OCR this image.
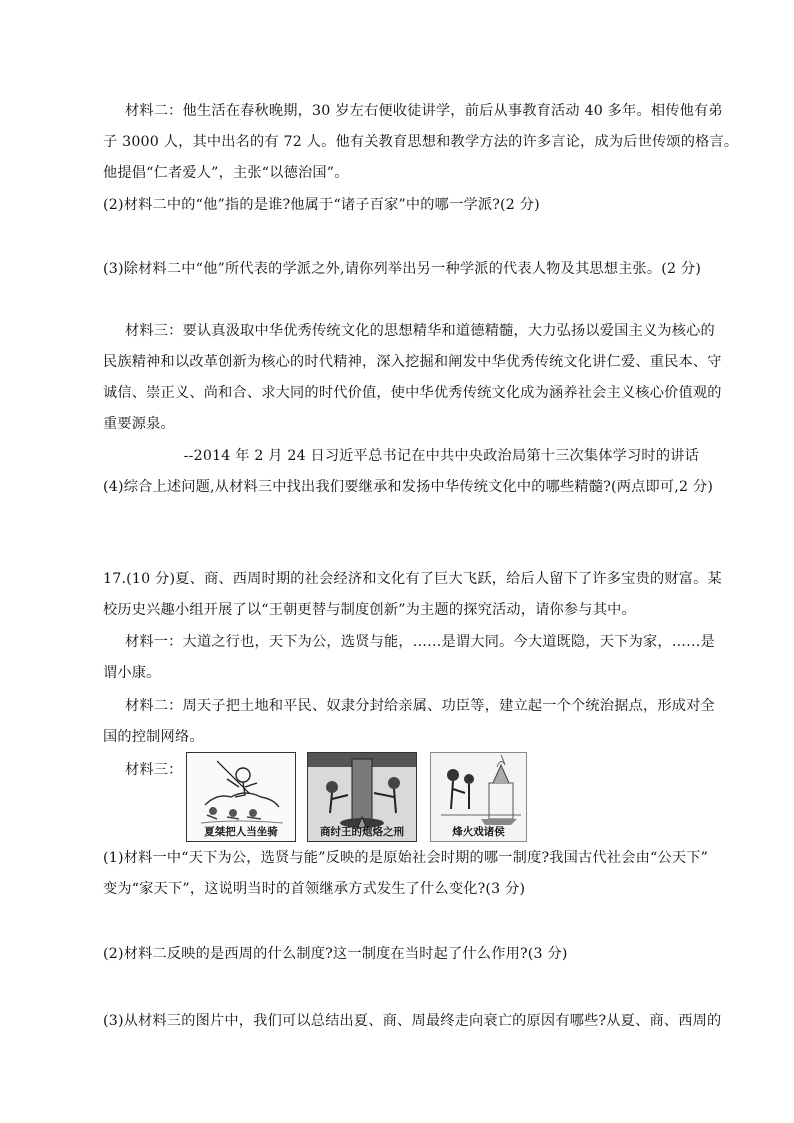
材料二：他生活在春秋晚期，30 岁左右便收徒讲学，前后从事教育活动 40 多年。相传他有弟
子 3000 人，其中出名的有 72 人。他有关教育思想和教学方法的许多言论，成为后世传颂的格言。
他提倡“仁者爱人”，主张“以德治国”。
(2)材料二中的“他”指的是谁?他属于“诸子百家”中的哪一学派?(2 分)
(3)除材料二中“他”所代表的学派之外,请你列举出另一种学派的代表人物及其思想主张。(2 分)
材料三：要认真汲取中华优秀传统文化的思想精华和道德精髓，大力弘扬以爱国主义为核心的
民族精神和以改革创新为核心的时代精神，深入挖掘和阐发中华优秀传统文化讲仁爱、重民本、守
诚信、崇正义、尚和合、求大同的时代价值，使中华优秀传统文化成为涵养社会主义核心价值观的
重要源泉。
--2014 年 2 月 24 日习近平总书记在中共中央政治局第十三次集体学习时的讲话
(4)综合上述问题,从材料三中找出我们要继承和发扬中华传统文化中的哪些精髓?(两点即可,2 分)
17.(10 分)夏、商、西周时期的社会经济和文化有了巨大飞跃，给后人留下了许多宝贵的财富。某
校历史兴趣小组开展了以“王朝更替与制度创新”为主题的探究活动，请你参与其中。
材料一：大道之行也，天下为公，选贤与能，……是谓大同。今大道既隐，天下为家，……是
谓小康。
材料二：周天子把土地和平民、奴隶分封给亲属、功臣等，建立起一个个统治据点，形成对全
国的控制网络。
材料三：
夏桀把人当坐骑	商纣王的炮烙之刑	烽火戏诸侯
(1)材料一中“天下为公，选贤与能”反映的是原始社会时期的哪一制度?我国古代社会由“公天下”
变为“家天下”，这说明当时的首领继承方式发生了什么变化?(3 分)
(2)材料二反映的是西周的什么制度?这一制度在当时起了什么作用?(3 分)
(3)从材料三的图片中，我们可以总结出夏、商、周最终走向衰亡的原因有哪些?从夏、商、西周的
